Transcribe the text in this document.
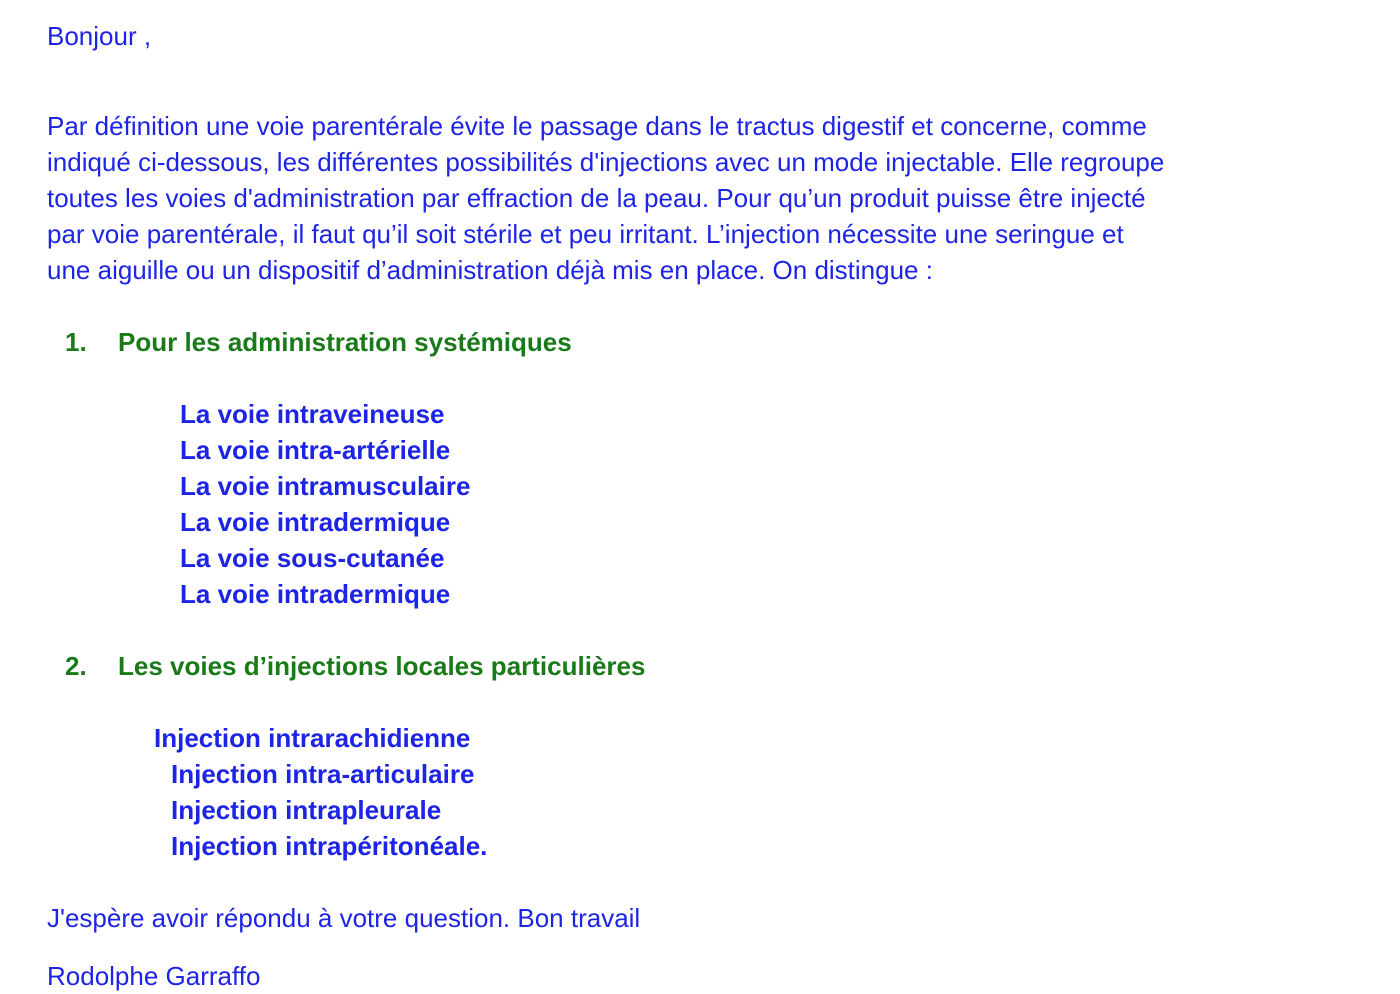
Bonjour ,
Par définition une voie parentérale évite le passage dans le tractus digestif et concerne, comme
indiqué ci-dessous, les différentes possibilités d'injections avec un mode injectable. Elle regroupe
toutes les voies d'administration par effraction de la peau. Pour qu’un produit puisse être injecté
par voie parentérale, il faut qu’il soit stérile et peu irritant. L’injection nécessite une seringue et
une aiguille ou un dispositif d’administration déjà mis en place. On distingue :

1. Pour les administration systémiques
La voie intraveineuse
La voie intra-artérielle
La voie intramusculaire
La voie intradermique
La voie sous-cutanée
La voie intradermique

2. Les voies d’injections locales particulières
Injection intrarachidienne
Injection intra-articulaire
Injection intrapleurale
Injection intrapéritonéale.
J'espère avoir répondu à votre question. Bon travail
Rodolphe Garraffo
